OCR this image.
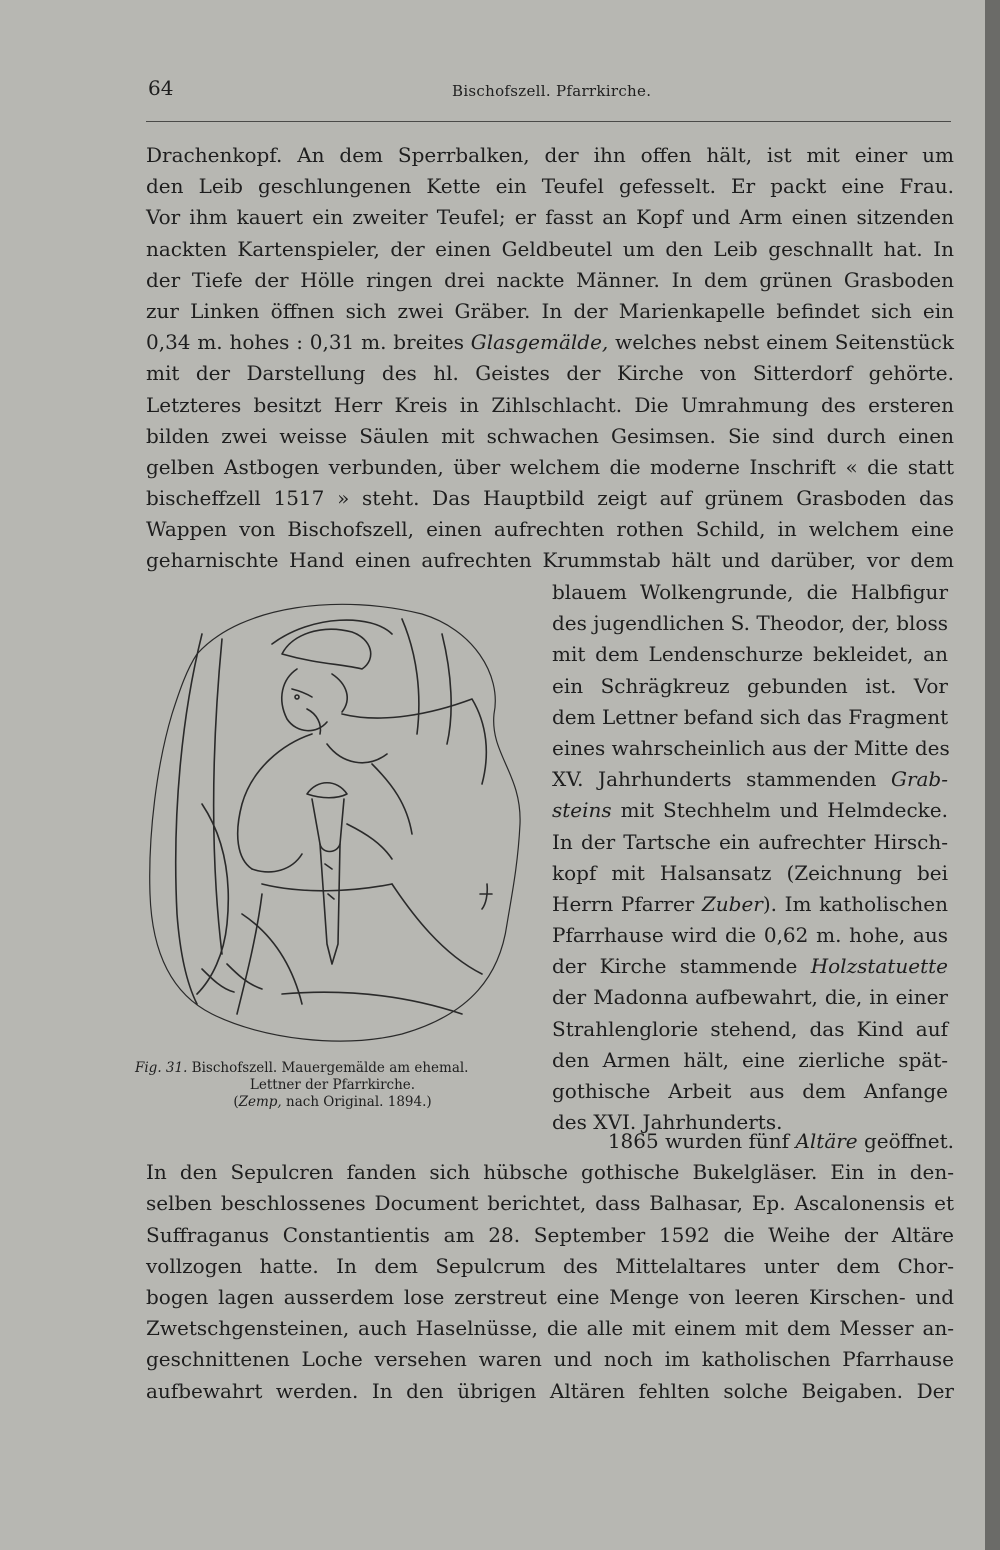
64	Bischofszell. Pfarrkirche.
Drachenkopf. An dem Sperrbalken, der ihn offen hält, ist mit einer um
den Leib geschlungenen Kette ein Teufel gefesselt. Er packt eine Frau.
Vor ihm kauert ein zweiter Teufel; er fasst an Kopf und Arm einen sitzenden
nackten Kartenspieler, der einen Geldbeutel um den Leib geschnallt hat. In
der Tiefe der Hölle ringen drei nackte Männer. In dem grünen Grasboden
zur Linken öffnen sich zwei Gräber. In der Marienkapelle befindet sich ein
0,34 m. hohes : 0,31 m. breites Glasgemälde, welches nebst einem Seitenstück
mit der Darstellung des hl. Geistes der Kirche von Sitterdorf gehörte.
Letzteres besitzt Herr Kreis in Zihlschlacht. Die Umrahmung des ersteren
bilden zwei weisse Säulen mit schwachen Gesimsen. Sie sind durch einen
gelben Astbogen verbunden, über welchem die moderne Inschrift « die statt
bischeffzell 1517 » steht. Das Hauptbild zeigt auf grünem Grasboden das
Wappen von Bischofszell, einen aufrechten rothen Schild, in welchem eine
geharnischte Hand einen aufrechten Krummstab hält und darüber, vor dem
blauem Wolkengrunde, die Halbfigur
des jugendlichen S. Theodor, der, bloss
mit dem Lendenschurze bekleidet, an
ein Schrägkreuz gebunden ist. Vor
dem Lettner befand sich das Fragment
eines wahrscheinlich aus der Mitte des
XV. Jahrhunderts stammenden Grab-
steins mit Stechhelm und Helmdecke.
In der Tartsche ein aufrechter Hirsch-
kopf mit Halsansatz (Zeichnung bei
Herrn Pfarrer Zuber). Im katholischen
Pfarrhause wird die 0,62 m. hohe, aus
der Kirche stammende Holzstatuette
der Madonna aufbewahrt, die, in einer
Strahlenglorie stehend, das Kind auf
den Armen hält, eine zierliche spät-
gothische Arbeit aus dem Anfange
des XVI. Jahrhunderts.
Fig. 31. Bischofszell. Mauergemälde am ehemal.
Lettner der Pfarrkirche.
(Zemp, nach Original. 1894.)
1865 wurden fünf Altäre geöffnet.
In den Sepulcren fanden sich hübsche gothische Bukelgläser. Ein in den-
selben beschlossenes Document berichtet, dass Balhasar, Ep. Ascalonensis et
Suffraganus Constantientis am 28. September 1592 die Weihe der Altäre
vollzogen hatte. In dem Sepulcrum des Mittelaltares unter dem Chor-
bogen lagen ausserdem lose zerstreut eine Menge von leeren Kirschen- und
Zwetschgensteinen, auch Haselnüsse, die alle mit einem mit dem Messer an-
geschnittenen Loche versehen waren und noch im katholischen Pfarrhause
aufbewahrt werden. In den übrigen Altären fehlten solche Beigaben. Der
